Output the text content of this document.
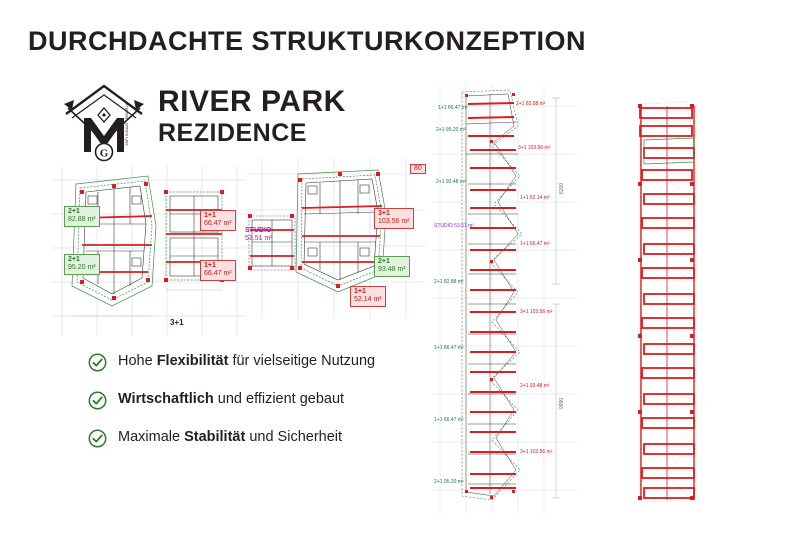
DURCHDACHTE STRUKTURKONZEPTION
G
YAPI INSAAT MIMARLIK
RIVER PARK
REZIDENCE
Hohe Flexibilität für vielseitige Nutzung
Wirtschaftlich und effizient gebaut
Maximale Stabilität und Sicherheit
2+1
82.88 m²
2+1
95.20 m²
1+1
66.47 m²
1+1
66.47 m²
3+1
80
3+1
103.56 m²
2+1
93.48 m²
1+1
52.14 m²
STUDIO
53.51 m²
6200
9990
1+1 66.47 m²
2+1 82.88 m²
2+1 95.20 m²
3+1 103.56 m²
2+1 93.48 m²
1+1 52.14 m²
STUDIO 53.51 m²
1+1 66.47 m²
2+1 82.88 m²
3+1 103.56 m²
1+1 66.47 m²
2+1 93.48 m²
1+1 66.47 m²
3+1 103.56 m²
2+1 95.20 m²
